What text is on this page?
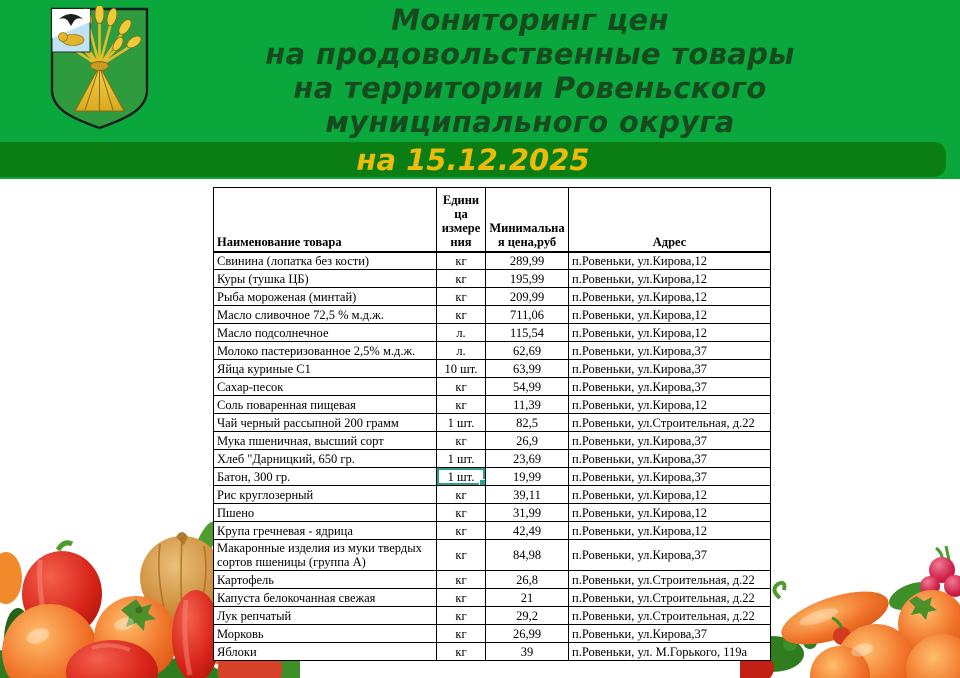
Мониторинг цен
на продовольственные товары
на территории Ровеньского
муниципального округа
на 15.12.2025
Наименование товара	Единица измерения	Минимальная цена,руб	Адрес
Свинина (лопатка без кости)	кг	289,99	п.Ровеньки, ул.Кирова,12
Куры (тушка ЦБ)	кг	195,99	п.Ровеньки, ул.Кирова,12
Рыба мороженая (минтай)	кг	209,99	п.Ровеньки, ул.Кирова,12
Масло сливочное 72,5 % м.д.ж.	кг	711,06	п.Ровеньки, ул.Кирова,12
Масло подсолнечное	л.	115,54	п.Ровеньки, ул.Кирова,12
Молоко пастеризованное 2,5% м.д.ж.	л.	62,69	п.Ровеньки, ул.Кирова,37
Яйца куриные С1	10 шт.	63,99	п.Ровеньки, ул.Кирова,37
Сахар-песок	кг	54,99	п.Ровеньки, ул.Кирова,37
Соль поваренная пищевая	кг	11,39	п.Ровеньки, ул.Кирова,12
Чай черный рассыпной 200 грамм	1 шт.	82,5	п.Ровеньки, ул.Строительная, д.22
Мука пшеничная, высший сорт	кг	26,9	п.Ровеньки, ул.Кирова,37
Хлеб "Дарницкий, 650 гр.	1 шт.	23,69	п.Ровеньки, ул.Кирова,37
Батон, 300 гр.	1 шт.	19,99	п.Ровеньки, ул.Кирова,37
Рис круглозерный	кг	39,11	п.Ровеньки, ул.Кирова,12
Пшено	кг	31,99	п.Ровеньки, ул.Кирова,12
Крупа гречневая - ядрица	кг	42,49	п.Ровеньки, ул.Кирова,12
Макаронные изделия из муки твердых сортов пшеницы (группа А)	кг	84,98	п.Ровеньки, ул.Кирова,37
Картофель	кг	26,8	п.Ровеньки, ул.Строительная, д.22
Капуста белокочанная свежая	кг	21	п.Ровеньки, ул.Строительная, д.22
Лук репчатый	кг	29,2	п.Ровеньки, ул.Строительная, д.22
Морковь	кг	26,99	п.Ровеньки, ул.Кирова,37
Яблоки	кг	39	п.Ровеньки, ул. М.Горького, 119а
